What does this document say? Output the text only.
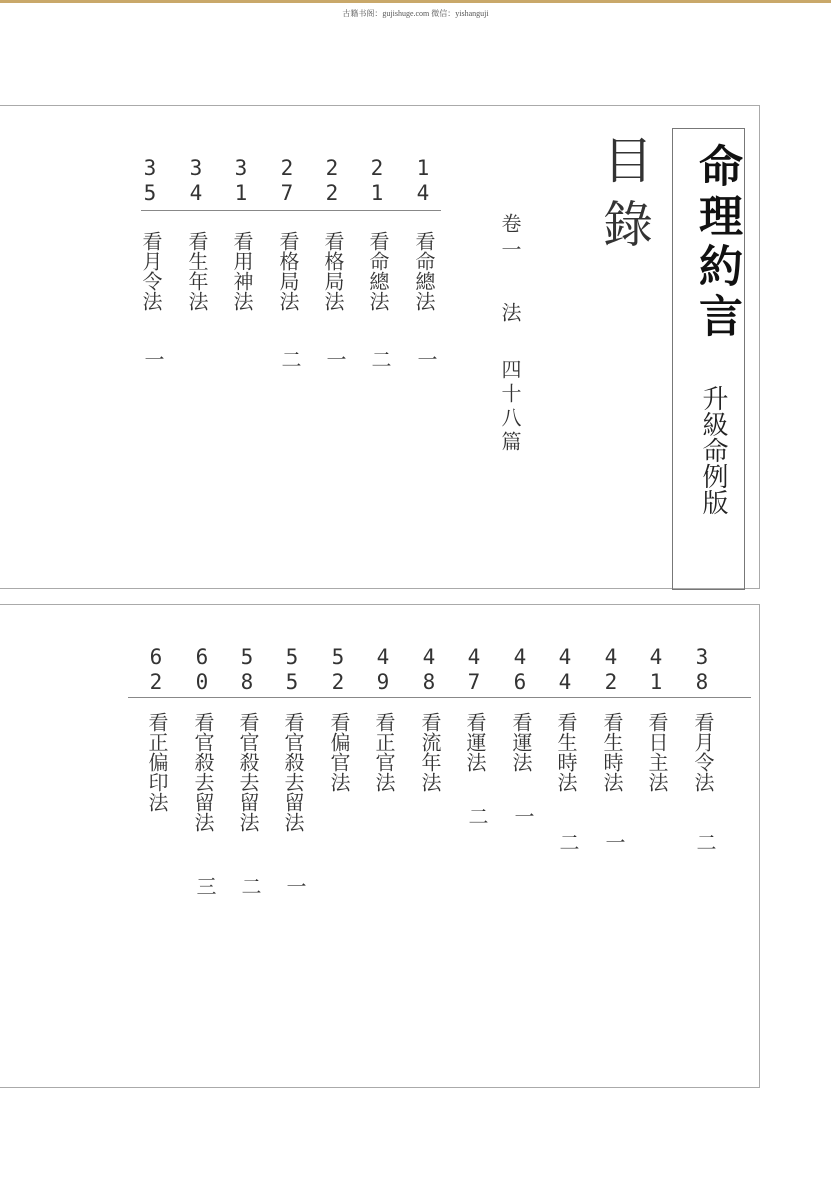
古籍书阁：gujishuge.com 微信：yishanguji
命理約言
升級命例版
目錄
卷一
法
四十八篇
1
4
看命總法
一
2
1
看命總法
二
2
2
看格局法
一
2
7
看格局法
二
3
1
看用神法
3
4
看生年法
3
5
看月令法
一
3
8
看月令法
二
4
1
看日主法
4
2
看生時法
一
4
4
看生時法
二
4
6
看運法
一
4
7
看運法
二
4
8
看流年法
4
9
看正官法
5
2
看偏官法
5
5
看官殺去留法
一
5
8
看官殺去留法
二
6
0
看官殺去留法
三
6
2
看正偏印法
